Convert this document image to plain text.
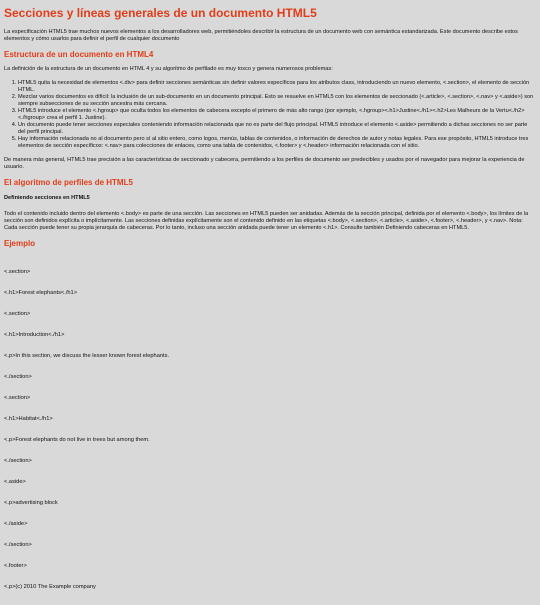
Secciones y líneas generales de un documento HTML5

La especificación HTML5 trae muchos nuevos elementos a los desarrolladores web, permitiéndoles describir la estructura de un documento web con semántica estandarizada. Este documento describe estos elementos y cómo usarlos para definir el perfil de cualquier documento

Estructura de un documento en HTML4

La definición de la estructura de un documento en HTML 4 y su algoritmo de perfilado es muy tosco y genera numerosos problemas:

1. HTML5 quita la necesidad de elementos <.div> para definir secciones semánticas sin definir valores específicos para los atributos class, introduciendo un nuevo elemento, <.section>, el elemento de sección HTML.
2. Mezclar varios documentos es difícil: la inclusión de un sub-documento en un documento principal. Esto se resuelve en HTML5 con los elementos de seccionado (<.article>, <.section>, <.nav> y <.aside>) son siempre subsecciones de su sección ancestra más cercana.
3. HTML5 introduce el elemento <.hgroup> que oculta todos los elementos de cabecera excepto el primero de más alto rango (por ejemplo, <.hgroup><.h1>Justine<./h1><.h2>Les Malheurs de la Vertu<./h2><./hgroup> crea el perfil 1. Justine).
4. Un documento puede tener secciones especiales conteniendo información relacionada que no es parte del flujo principal. HTML5 introduce el elemento <.aside> permitiendo a dichas secciones no ser parte del perfil principal.
5. Hay información relacionada no al documento pero sí al sitio entero, como logos, menús, tablas de contenidos, o información de derechos de autor y notas legales. Para ese propósito, HTML5 introduce tres elementos de sección específicos: <.nav> para colecciones de enlaces, como una tabla de contenidos, <.footer> y <.header> información relacionada con el sitio.

De manera más general, HTML5 trae precisión a las características de seccionado y cabecera, permitiendo a los perfiles de documento ser predecibles y usados por el navegador para mejorar la experiencia de usuario.

El algoritmo de perfiles de HTML5

Definiendo secciones en HTML5

Todo el contenido incluido dentro del elemento <.body> es parte de una sección. Las secciones en HTML5 pueden ser anidadas. Además de la sección principal, definida por el elemento <.body>, los límites de la sección son definidos explícita o implícitamente. Las secciones definidas explícitamente son el contenido definido en las etiquetas <.body>, <.section>, <.article>, <.aside>, <.footer>, <.header>, y <.nav>. Nota: Cada sección puede tener su propia jerarquía de cabeceras. Por lo tanto, incluso una sección anidada puede tener un elemento <.h1>. Consulte también Definiendo cabeceras en HTML5.

Ejemplo

<.section>

<.h1>Forest elephants<./h1>

<.section>

<.h1>Introduction<./h1>

<.p>In this section, we discuss the lesser known forest elephants.

<./section>

<.section>

<.h1>Habitat<./h1>

<.p>Forest elephants do not live in trees but among them.

<./section>

<.aside>

<.p>advertising block

<./aside>

<./section>

<.footer>

<.p>(c) 2010 The Example company
